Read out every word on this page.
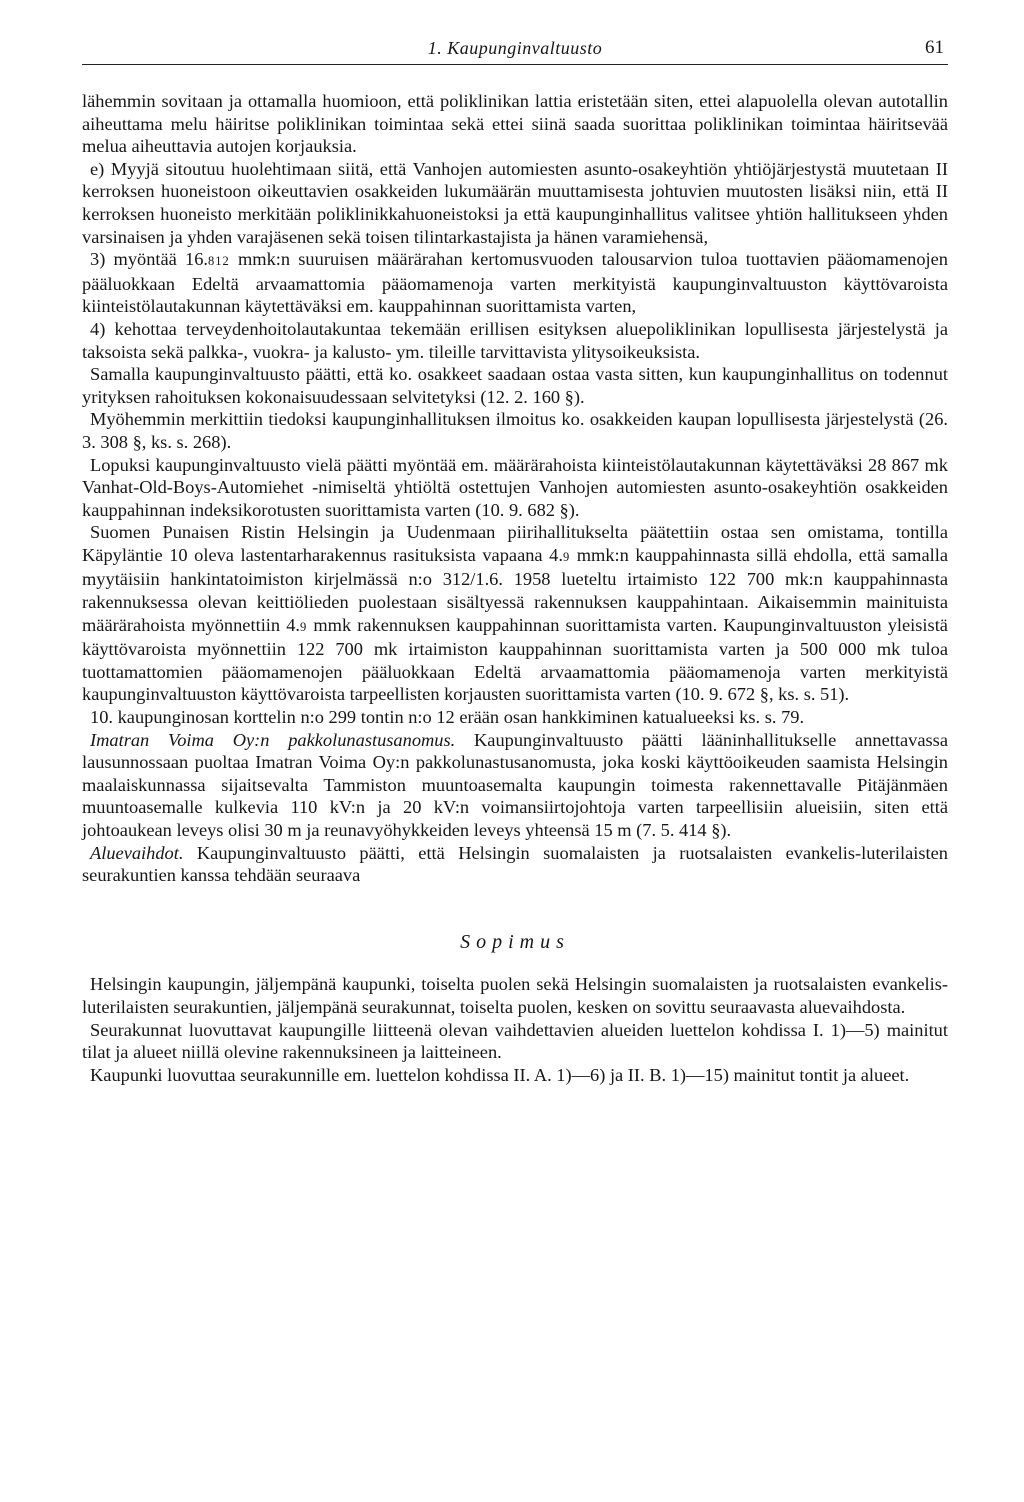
1. Kaupunginvaltuusto	61

lähemmin sovitaan ja ottamalla huomioon, että poliklinikan lattia eristetään siten, ettei alapuolella olevan autotallin aiheuttama melu häiritse poliklinikan toimintaa sekä ettei siinä saada suorittaa poliklinikan toimintaa häiritsevää melua aiheuttavia autojen korjauksia.

e) Myyjä sitoutuu huolehtimaan siitä, että Vanhojen automiesten asunto-osakeyhtiön yhtiöjärjestystä muutetaan II kerroksen huoneistoon oikeuttavien osakkeiden lukumäärän muuttamisesta johtuvien muutosten lisäksi niin, että II kerroksen huoneisto merkitään poliklinikkahuoneistoksi ja että kaupunginhallitus valitsee yhtiön hallitukseen yhden varsinaisen ja yhden varajäsenen sekä toisen tilintarkastajista ja hänen varamiehensä,

3) myöntää 16.812 mmk:n suuruisen määrärahan kertomusvuoden talousarvion tuloa tuottavien pääomamenojen pääluokkaan Edeltä arvaamattomia pääomamenoja varten merkityistä kaupunginvaltuuston käyttövaroista kiinteistölautakunnan käytettäväksi em. kauppahinnan suorittamista varten,

4) kehottaa terveydenhoitolautakuntaa tekemään erillisen esityksen aluepoliklinikan lopullisesta järjestelystä ja taksoista sekä palkka-, vuokra- ja kalusto- ym. tileille tarvittavista ylitysoikeuksista.

Samalla kaupunginvaltuusto päätti, että ko. osakkeet saadaan ostaa vasta sitten, kun kaupunginhallitus on todennut yrityksen rahoituksen kokonaisuudessaan selvitetyksi (12. 2. 160 §).

Myöhemmin merkittiin tiedoksi kaupunginhallituksen ilmoitus ko. osakkeiden kaupan lopullisesta järjestelystä (26. 3. 308 §, ks. s. 268).

Lopuksi kaupunginvaltuusto vielä päätti myöntää em. määrärahoista kiinteistölautakunnan käytettäväksi 28 867 mk Vanhat-Old-Boys-Automiehet -nimiseltä yhtiöltä ostettujen Vanhojen automiesten asunto-osakeyhtiön osakkeiden kauppahinnan indeksikorotusten suorittamista varten (10. 9. 682 §).

Suomen Punaisen Ristin Helsingin ja Uudenmaan piirihallitukselta päätettiin ostaa sen omistama, tontilla Käpyläntie 10 oleva lastentarharakennus rasituksista vapaana 4.9 mmk:n kauppahinnasta sillä ehdolla, että samalla myytäisiin hankintatoimiston kirjelmässä n:o 312/1.6. 1958 lueteltu irtaimisto 122 700 mk:n kauppahinnasta rakennuksessa olevan keittiölieden puolestaan sisältyessä rakennuksen kauppahintaan. Aikaisemmin mainituista määrärahoista myönnettiin 4.9 mmk rakennuksen kauppahinnan suorittamista varten. Kaupunginvaltuuston yleisistä käyttövaroista myönnettiin 122 700 mk irtaimiston kauppahinnan suorittamista varten ja 500 000 mk tuloa tuottamattomien pääomamenojen pääluokkaan Edeltä arvaamattomia pääomamenoja varten merkityistä kaupunginvaltuuston käyttövaroista tarpeellisten korjausten suorittamista varten (10. 9. 672 §, ks. s. 51).

10. kaupunginosan korttelin n:o 299 tontin n:o 12 erään osan hankkiminen katualueeksi ks. s. 79.

Imatran Voima Oy:n pakkolunastusanomus. Kaupunginvaltuusto päätti lääninhallitukselle annettavassa lausunnossaan puoltaa Imatran Voima Oy:n pakkolunastusanomusta, joka koski käyttöoikeuden saamista Helsingin maalaiskunnassa sijaitsevalta Tammiston muuntoasemalta kaupungin toimesta rakennettavalle Pitäjänmäen muuntoasemalle kulkevia 110 kV:n ja 20 kV:n voimansiirtojohtoja varten tarpeellisiin alueisiin, siten että johtoaukean leveys olisi 30 m ja reunavyöhykkeiden leveys yhteensä 15 m (7. 5. 414 §).

Aluevaihdot. Kaupunginvaltuusto päätti, että Helsingin suomalaisten ja ruotsalaisten evankelis-luterilaisten seurakuntien kanssa tehdään seuraava

Sopimus

Helsingin kaupungin, jäljempänä kaupunki, toiselta puolen sekä Helsingin suomalaisten ja ruotsalaisten evankelis-luterilaisten seurakuntien, jäljempänä seurakunnat, toiselta puolen, kesken on sovittu seuraavasta aluevaihdosta.

Seurakunnat luovuttavat kaupungille liitteenä olevan vaihdettavien alueiden luettelon kohdissa I. 1)—5) mainitut tilat ja alueet niillä olevine rakennuksineen ja laitteineen.

Kaupunki luovuttaa seurakunnille em. luettelon kohdissa II. A. 1)—6) ja II. B. 1)—15) mainitut tontit ja alueet.
